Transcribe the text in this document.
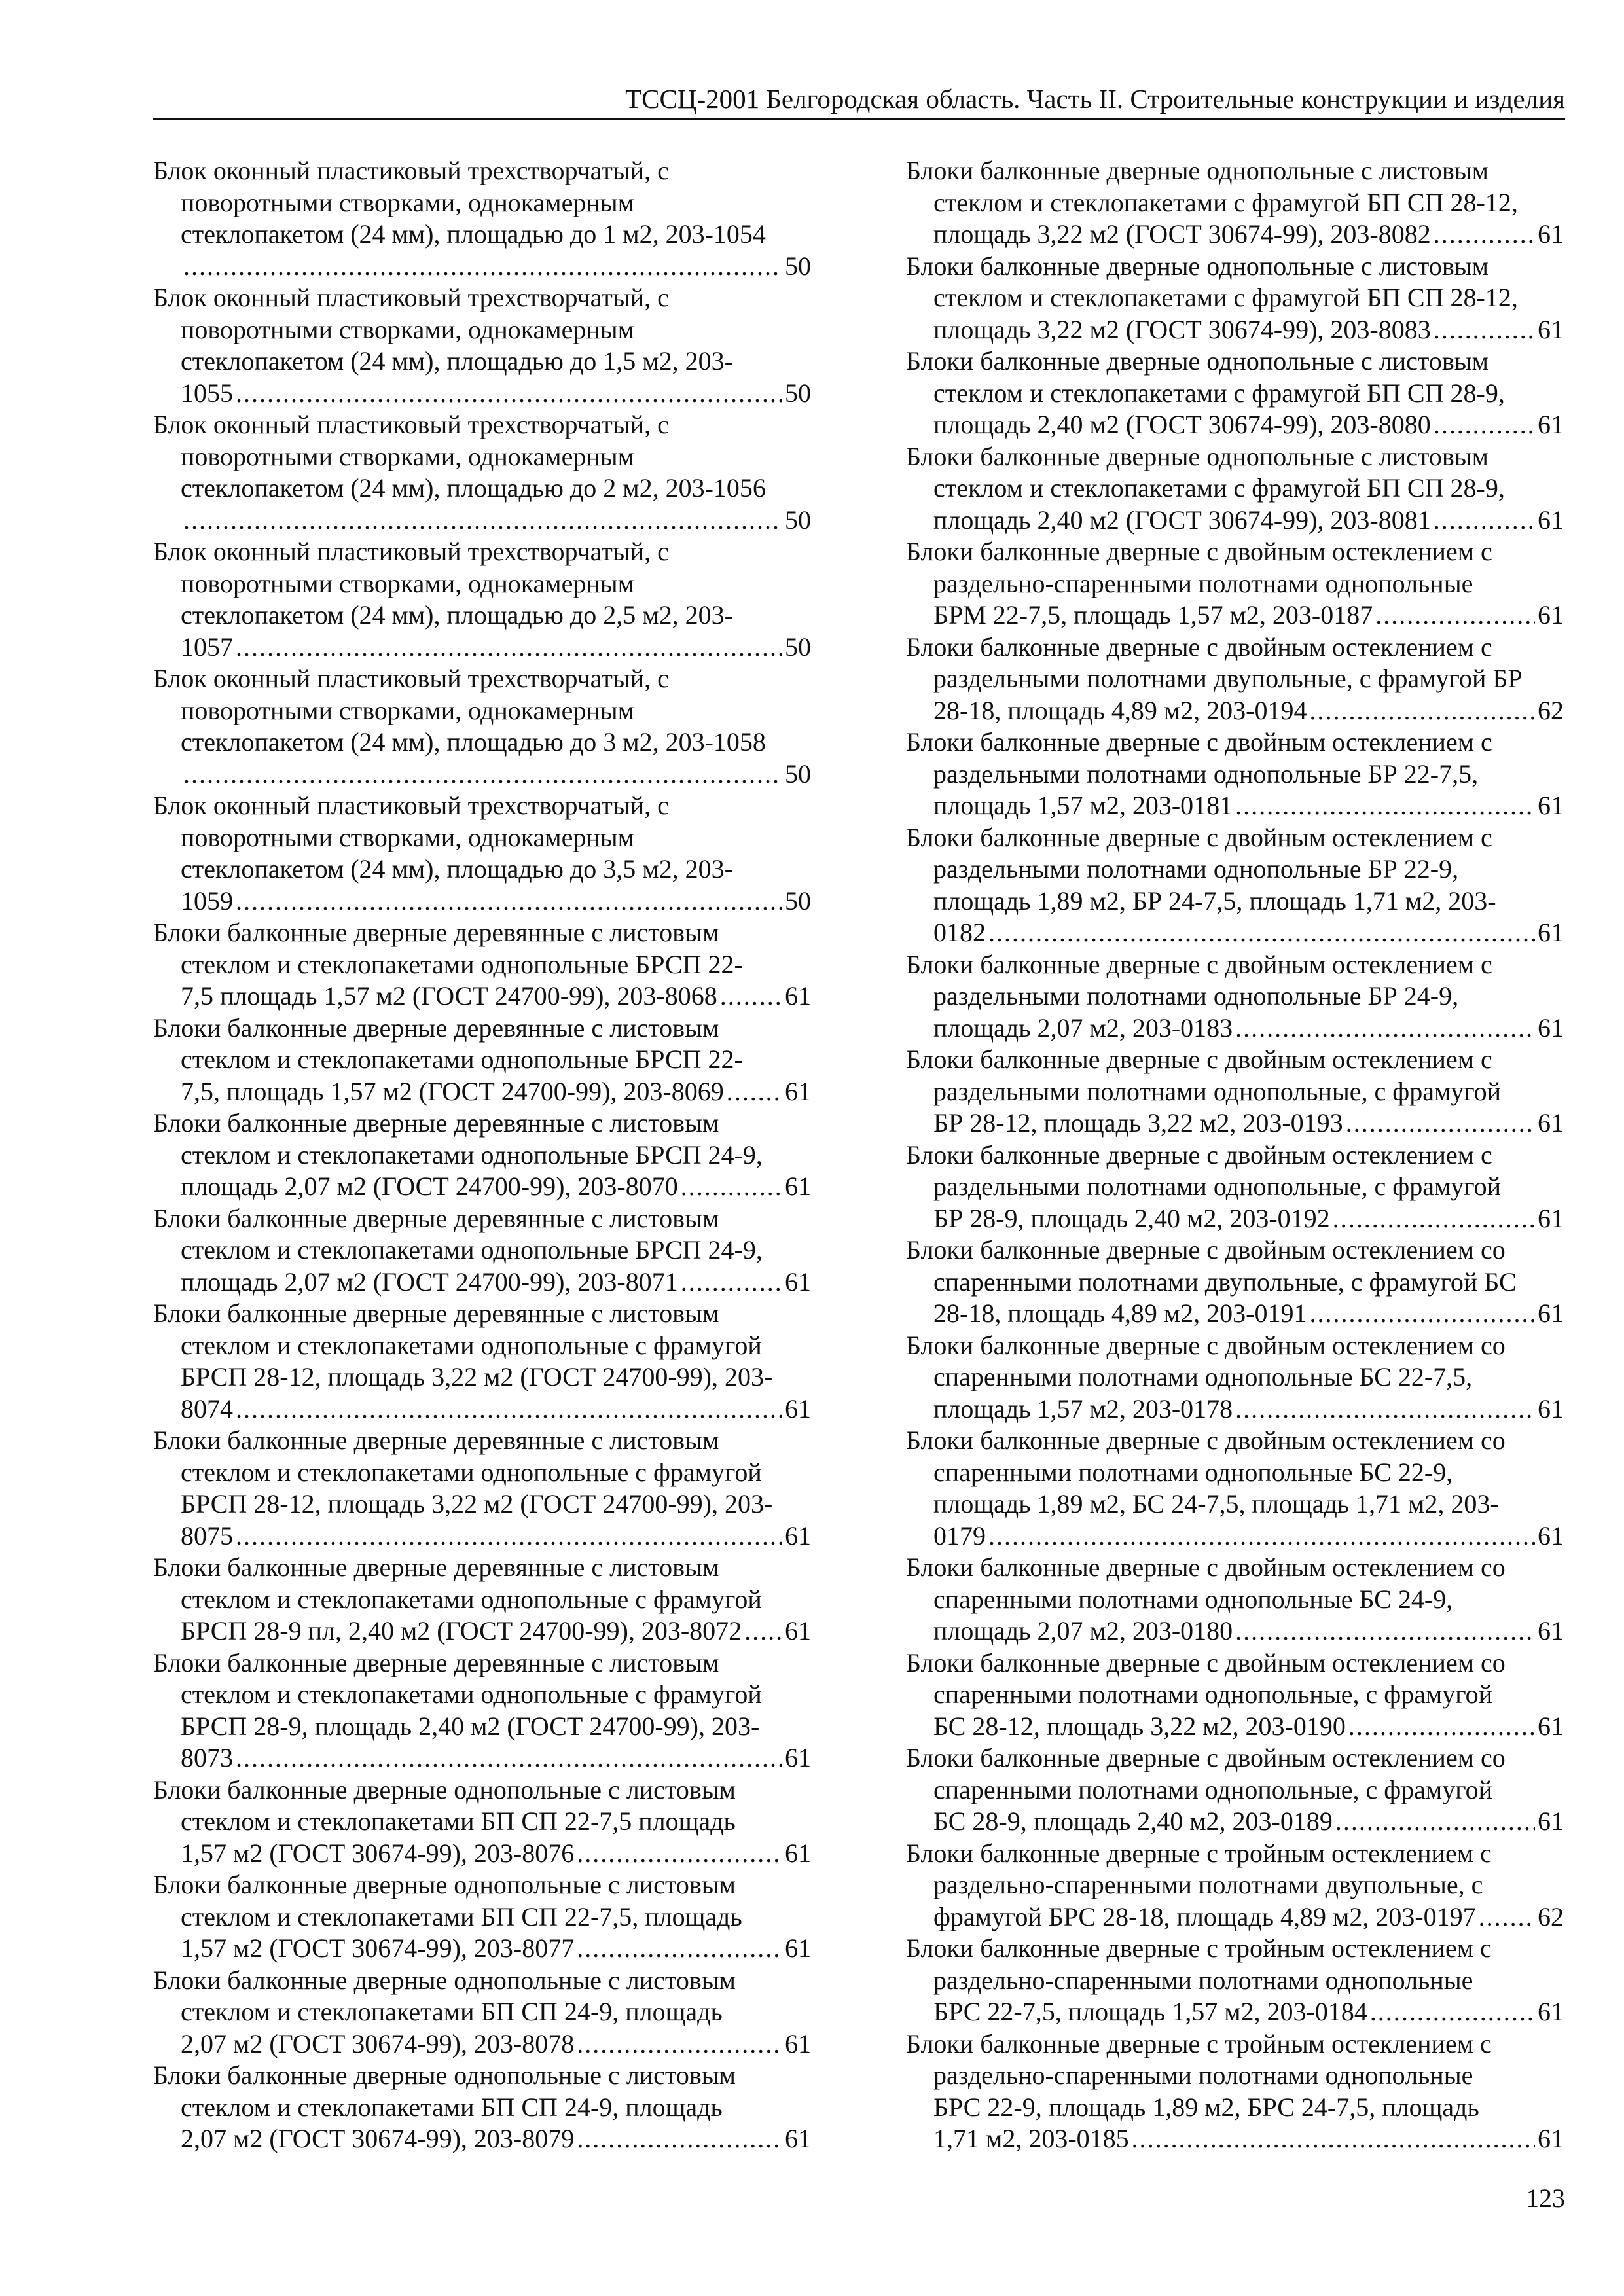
ТССЦ-2001 Белгородская область. Часть II. Строительные конструкции и изделия
Блок оконный пластиковый трехстворчатый, с
поворотными створками, однокамерным
стеклопакетом (24 мм), площадью до 1 м2, 203-1054
.....
50
Блок оконный пластиковый трехстворчатый, с
поворотными створками, однокамерным
стеклопакетом (24 мм), площадью до 1,5 м2, 203-
1055 .....	50
Блок оконный пластиковый трехстворчатый, с
поворотными створками, однокамерным
стеклопакетом (24 мм), площадью до 2 м2, 203-1056
.....
50
Блок оконный пластиковый трехстворчатый, с
поворотными створками, однокамерным
стеклопакетом (24 мм), площадью до 2,5 м2, 203-
1057 .....	50
Блок оконный пластиковый трехстворчатый, с
поворотными створками, однокамерным
стеклопакетом (24 мм), площадью до 3 м2, 203-1058
.....
50
Блок оконный пластиковый трехстворчатый, с
поворотными створками, однокамерным
стеклопакетом (24 мм), площадью до 3,5 м2, 203-
1059 .....	50
Блоки балконные дверные деревянные с листовым
стеклом и стеклопакетами однопольные БРСП 22-
7,5 площадь 1,57 м2 (ГОСТ 24700-99), 203-8068 .....	61
Блоки балконные дверные деревянные с листовым
стеклом и стеклопакетами однопольные БРСП 22-
7,5, площадь 1,57 м2 (ГОСТ 24700-99), 203-8069 ..... 61
Блоки балконные дверные деревянные с листовым
стеклом и стеклопакетами однопольные БРСП 24-9,
площадь 2,07 м2 (ГОСТ 24700-99), 203-8070 .....	61
Блоки балконные дверные деревянные с листовым
стеклом и стеклопакетами однопольные БРСП 24-9,
площадь 2,07 м2 (ГОСТ 24700-99), 203-8071 .....	61
Блоки балконные дверные деревянные с листовым
стеклом и стеклопакетами однопольные с фрамугой
БРСП 28-12, площадь 3,22 м2 (ГОСТ 24700-99), 203-
8074 .....	61
Блоки балконные дверные деревянные с листовым
стеклом и стеклопакетами однопольные с фрамугой
БРСП 28-12, площадь 3,22 м2 (ГОСТ 24700-99), 203-
8075 .....	61
Блоки балконные дверные деревянные с листовым
стеклом и стеклопакетами однопольные с фрамугой
БРСП 28-9 пл, 2,40 м2 (ГОСТ 24700-99), 203-8072 ..... 61
Блоки балконные дверные деревянные с листовым
стеклом и стеклопакетами однопольные с фрамугой
БРСП 28-9, площадь 2,40 м2 (ГОСТ 24700-99), 203-
8073 .....	61
Блоки балконные дверные однопольные с листовым
стеклом и стеклопакетами БП СП 22-7,5 площадь
1,57 м2 (ГОСТ 30674-99), 203-8076 .....	61
Блоки балконные дверные однопольные с листовым
стеклом и стеклопакетами БП СП 22-7,5, площадь
1,57 м2 (ГОСТ 30674-99), 203-8077 .....	61
Блоки балконные дверные однопольные с листовым
стеклом и стеклопакетами БП СП 24-9, площадь
2,07 м2 (ГОСТ 30674-99), 203-8078 .....	61
Блоки балконные дверные однопольные с листовым
стеклом и стеклопакетами БП СП 24-9, площадь
2,07 м2 (ГОСТ 30674-99), 203-8079 .....	61
Блоки балконные дверные однопольные с листовым
стеклом и стеклопакетами с фрамугой БП СП 28-12,
площадь 3,22 м2 (ГОСТ 30674-99), 203-8082 .....	61
Блоки балконные дверные однопольные с листовым
стеклом и стеклопакетами с фрамугой БП СП 28-12,
площадь 3,22 м2 (ГОСТ 30674-99), 203-8083 .....	61
Блоки балконные дверные однопольные с листовым
стеклом и стеклопакетами с фрамугой БП СП 28-9,
площадь 2,40 м2 (ГОСТ 30674-99), 203-8080 .....	61
Блоки балконные дверные однопольные с листовым
стеклом и стеклопакетами с фрамугой БП СП 28-9,
площадь 2,40 м2 (ГОСТ 30674-99), 203-8081 .....	61
Блоки балконные дверные с двойным остеклением с
раздельно-спаренными полотнами однопольные
БРМ 22-7,5, площадь 1,57 м2, 203-0187 .....	61
Блоки балконные дверные с двойным остеклением с
раздельными полотнами двупольные, с фрамугой БР
28-18, площадь 4,89 м2, 203-0194 .....	62
Блоки балконные дверные с двойным остеклением с
раздельными полотнами однопольные БР 22-7,5,
площадь 1,57 м2, 203-0181 .....	61
Блоки балконные дверные с двойным остеклением с
раздельными полотнами однопольные БР 22-9,
площадь 1,89 м2, БР 24-7,5, площадь 1,71 м2, 203-
0182 .....	61
Блоки балконные дверные с двойным остеклением с
раздельными полотнами однопольные БР 24-9,
площадь 2,07 м2, 203-0183 .....	61
Блоки балконные дверные с двойным остеклением с
раздельными полотнами однопольные, с фрамугой
БР 28-12, площадь 3,22 м2, 203-0193 .....	61
Блоки балконные дверные с двойным остеклением с
раздельными полотнами однопольные, с фрамугой
БР 28-9, площадь 2,40 м2, 203-0192 .....	61
Блоки балконные дверные с двойным остеклением со
спаренными полотнами двупольные, с фрамугой БС
28-18, площадь 4,89 м2, 203-0191 .....	61
Блоки балконные дверные с двойным остеклением со
спаренными полотнами однопольные БС 22-7,5,
площадь 1,57 м2, 203-0178 .....	61
Блоки балконные дверные с двойным остеклением со
спаренными полотнами однопольные БС 22-9,
площадь 1,89 м2, БС 24-7,5, площадь 1,71 м2, 203-
0179 .....	61
Блоки балконные дверные с двойным остеклением со
спаренными полотнами однопольные БС 24-9,
площадь 2,07 м2, 203-0180 .....	61
Блоки балконные дверные с двойным остеклением со
спаренными полотнами однопольные, с фрамугой
БС 28-12, площадь 3,22 м2, 203-0190 .....	61
Блоки балконные дверные с двойным остеклением со
спаренными полотнами однопольные, с фрамугой
БС 28-9, площадь 2,40 м2, 203-0189 .....	61
Блоки балконные дверные с тройным остеклением с
раздельно-спаренными полотнами двупольные, с
фрамугой БРС 28-18, площадь 4,89 м2, 203-0197 ..... 62
Блоки балконные дверные с тройным остеклением с
раздельно-спаренными полотнами однопольные
БРС 22-7,5, площадь 1,57 м2, 203-0184 .....	61
Блоки балконные дверные с тройным остеклением с
раздельно-спаренными полотнами однопольные
БРС 22-9, площадь 1,89 м2, БРС 24-7,5, площадь
1,71 м2, 203-0185 .....	61
123
